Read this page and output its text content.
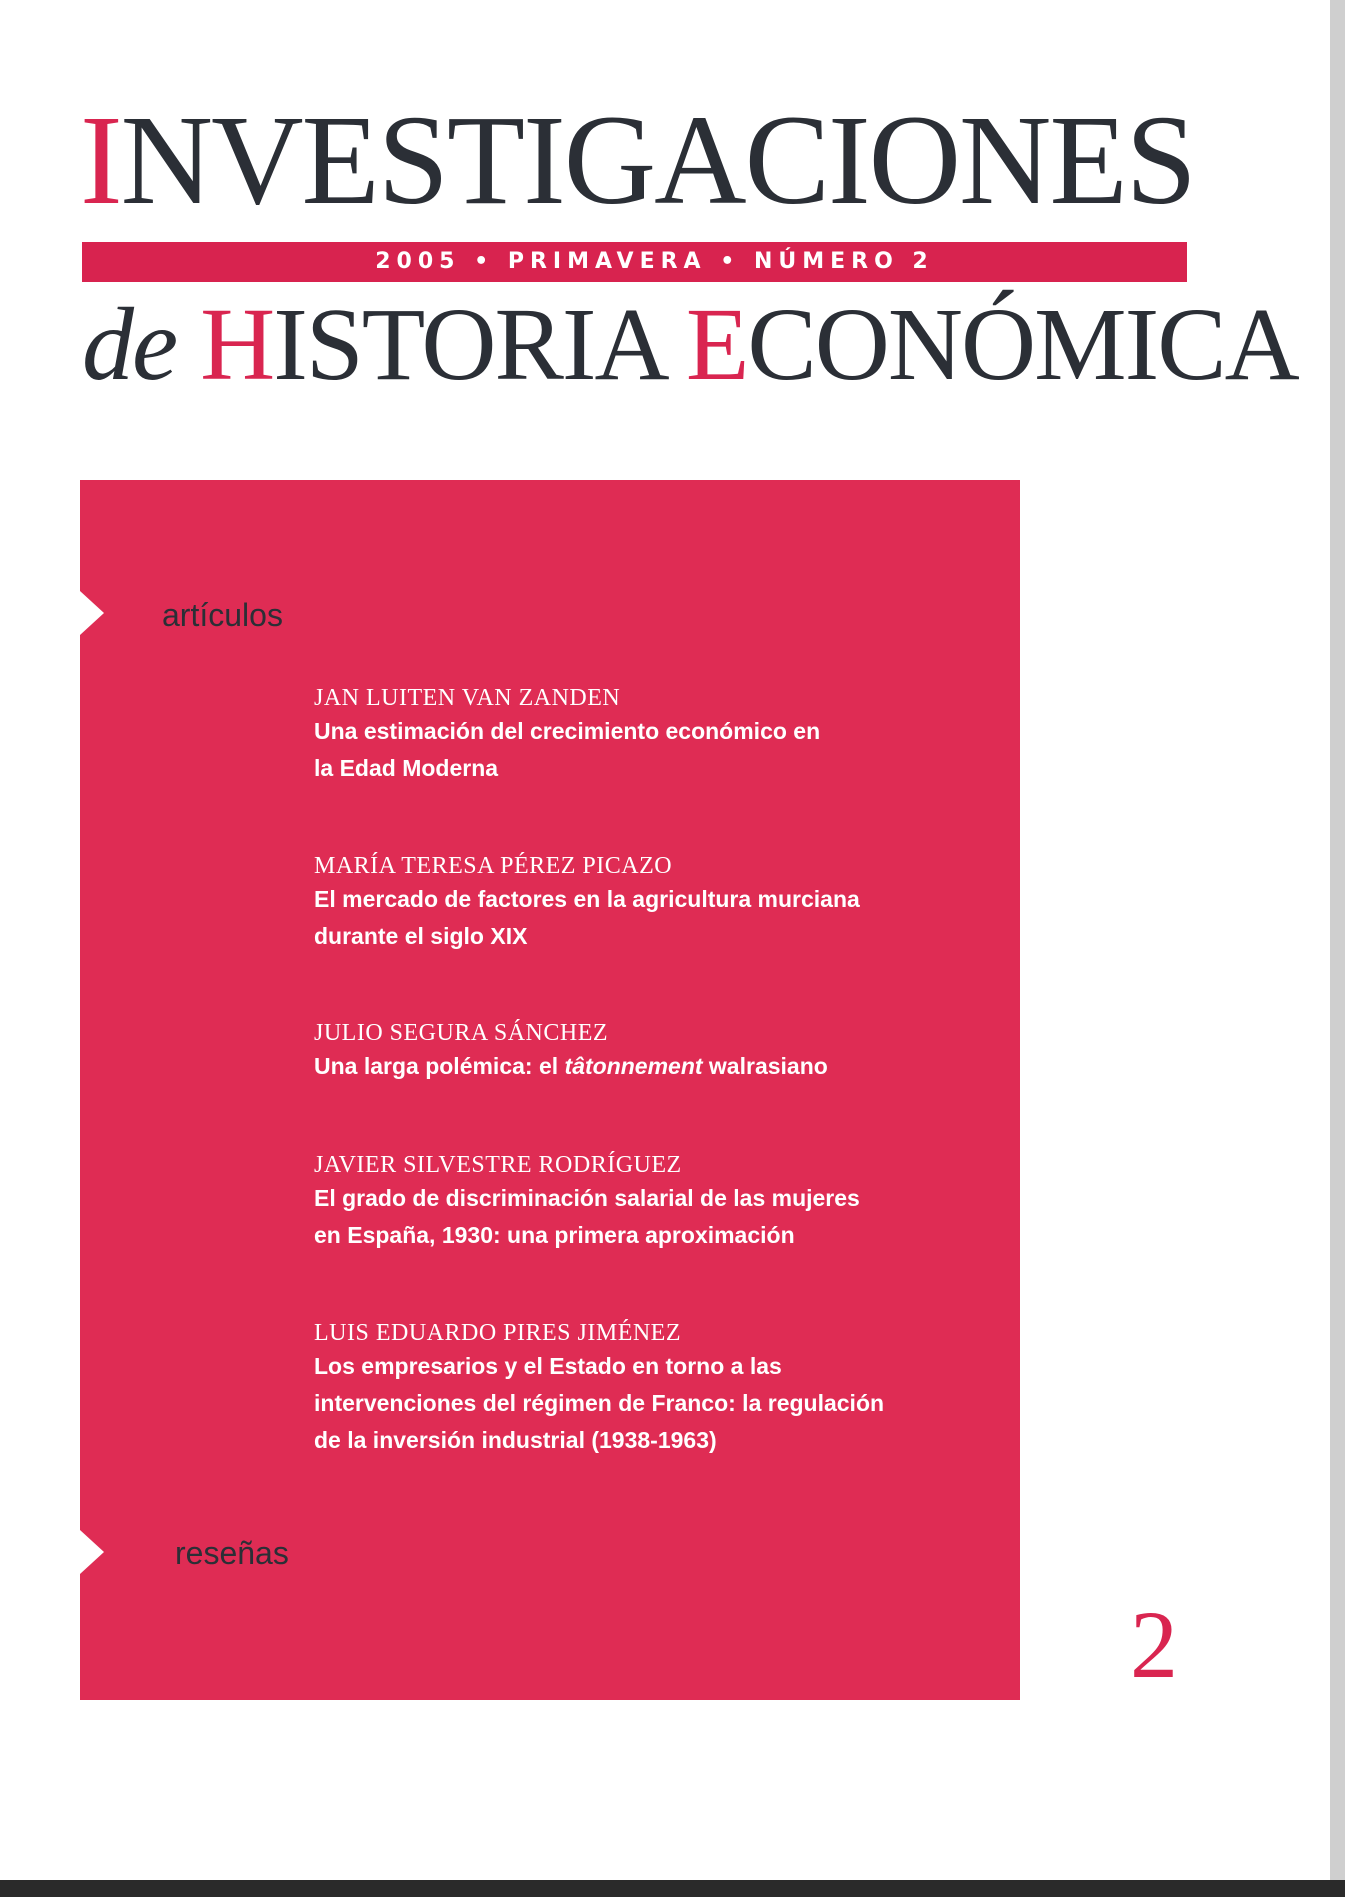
INVESTIGACIONES
2005 • PRIMAVERA • NÚMERO 2
de HISTORIA ECONÓMICA
artículos
JAN LUITEN VAN ZANDEN
Una estimación del crecimiento económico en
la Edad Moderna
MARÍA TERESA PÉREZ PICAZO
El mercado de factores en la agricultura murciana
durante el siglo XIX
JULIO SEGURA SÁNCHEZ
Una larga polémica: el tâtonnement walrasiano
JAVIER SILVESTRE RODRÍGUEZ
El grado de discriminación salarial de las mujeres
en España, 1930: una primera aproximación
LUIS EDUARDO PIRES JIMÉNEZ
Los empresarios y el Estado en torno a las
intervenciones del régimen de Franco: la regulación
de la inversión industrial (1938-1963)
reseñas
2
